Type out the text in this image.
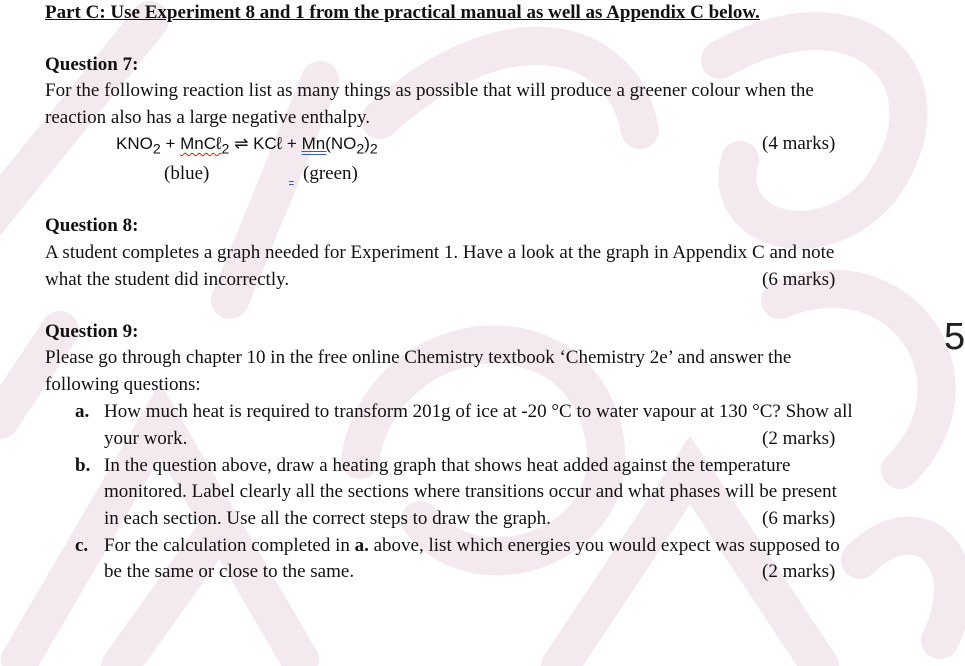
Part C: Use Experiment 8 and 1 from the practical manual as well as Appendix C below.
Question 7:
For the following reaction list as many things as possible that will produce a greener colour when the
reaction also has a large negative enthalpy.
$KNO_2$ + MnCℓ$_2$ ⇌ KCℓ + $Mn(NO_2)_2$	(4 marks)
(blue)	(green)
Question 8:
A student completes a graph needed for Experiment 1. Have a look at the graph in Appendix C and note
what the student did incorrectly.	(6 marks)
Question 9:
Please go through chapter 10 in the free online Chemistry textbook ‘Chemistry 2e’ and answer the
following questions:
a. How much heat is required to transform 201g of ice at -20 °C to water vapour at 130 °C? Show all
your work.	(2 marks)
b. In the question above, draw a heating graph that shows heat added against the temperature
monitored. Label clearly all the sections where transitions occur and what phases will be present
in each section. Use all the correct steps to draw the graph.	(6 marks)
c. For the calculation completed in a. above, list which energies you would expect was supposed to
be the same or close to the same.	(2 marks)
5
